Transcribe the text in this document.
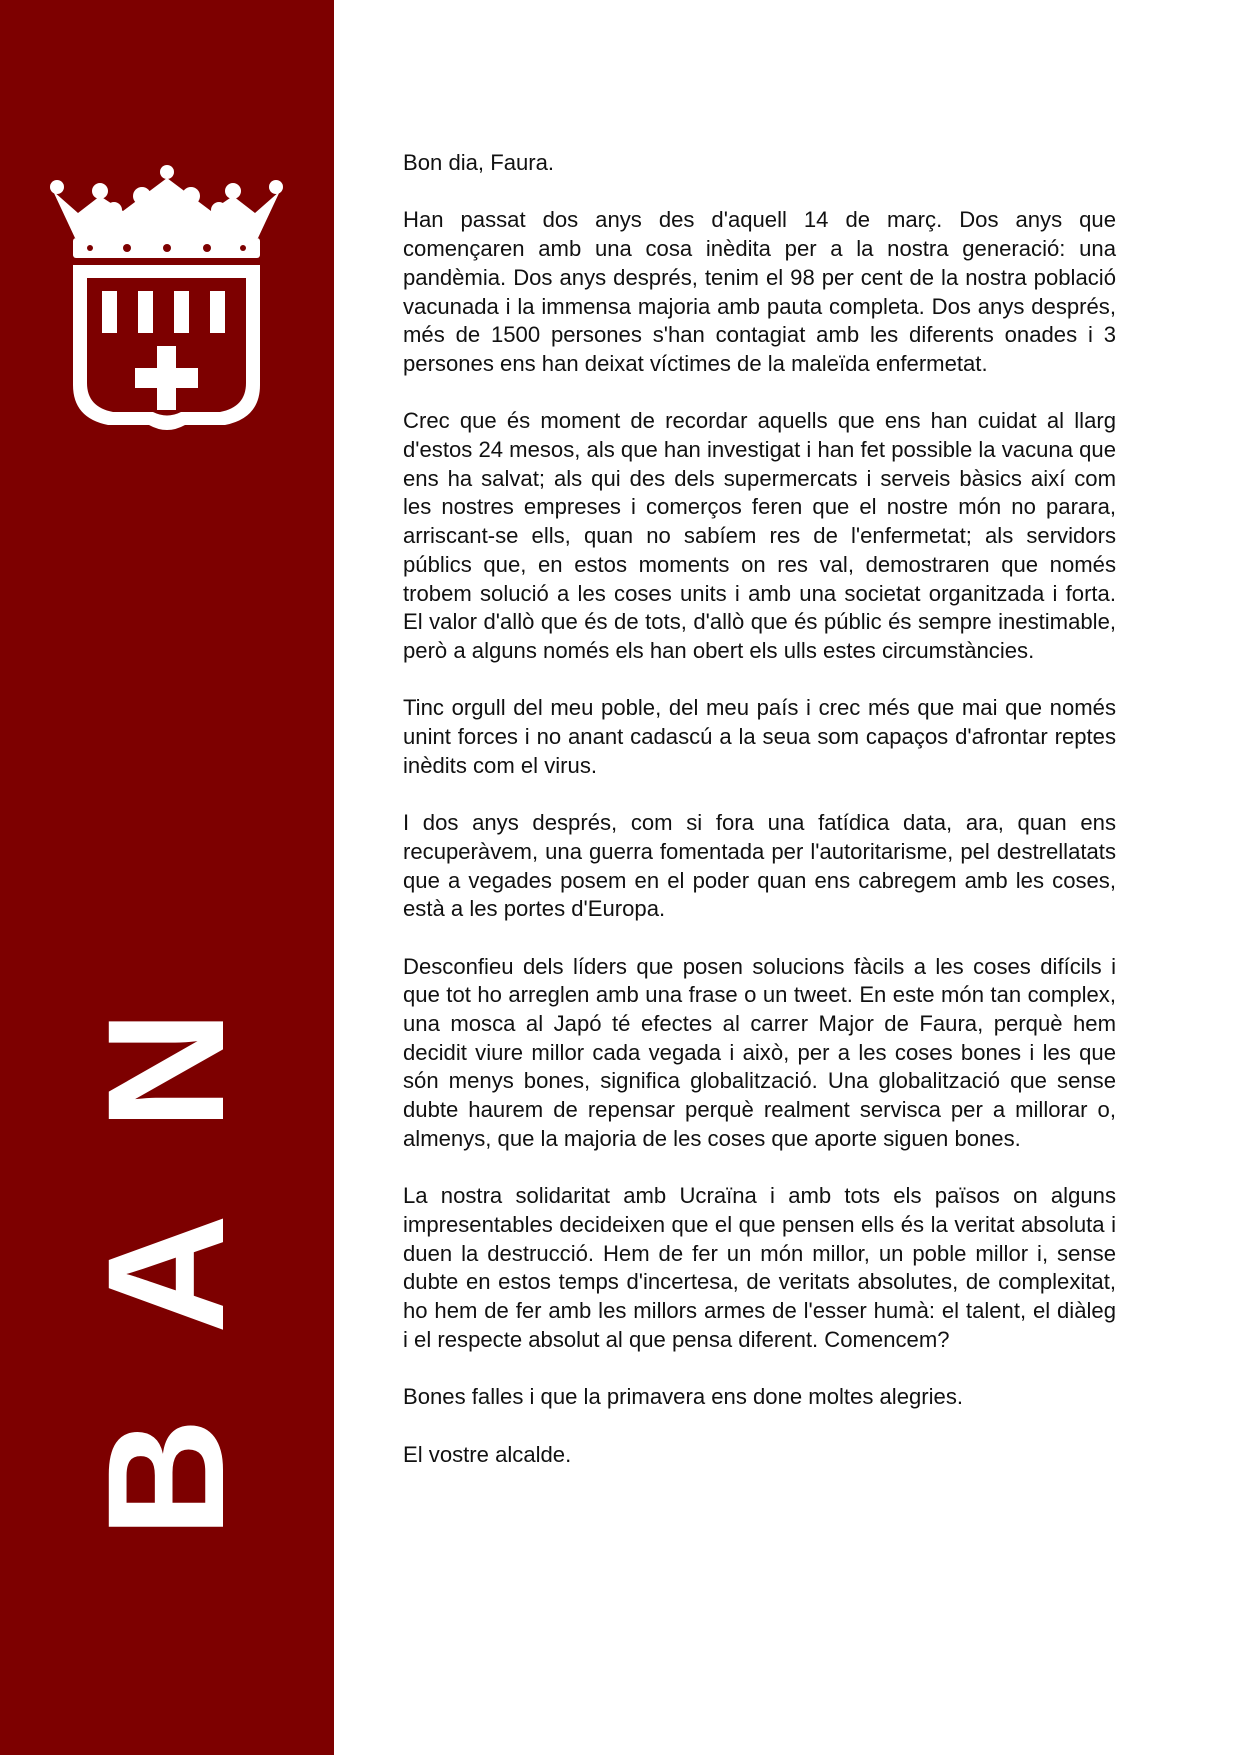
BAN

Bon dia, Faura.

Han passat dos anys des d'aquell 14 de març. Dos anys que començaren amb una cosa inèdita per a la nostra generació: una pandèmia. Dos anys després, tenim el 98 per cent de la nostra població vacunada i la immensa majoria amb pauta completa. Dos anys després, més de 1500 persones s'han contagiat amb les diferents onades i 3 persones ens han deixat víctimes de la maleïda enfermetat.

Crec que és moment de recordar aquells que ens han cuidat al llarg d'estos 24 mesos, als que han investigat i han fet possible la vacuna que ens ha salvat; als qui des dels supermercats i serveis bàsics així com les nostres empreses i comerços feren que el nostre món no parara, arriscant-se ells, quan no sabíem res de l'enfermetat; als servidors públics que, en estos moments on res val, demostraren que només trobem solució a les coses units i amb una societat organitzada i forta. El valor d'allò que és de tots, d'allò que és públic és sempre inestimable, però a alguns només els han obert els ulls estes circumstàncies.

Tinc orgull del meu poble, del meu país i crec més que mai que només unint forces i no anant cadascú a la seua som capaços d'afrontar reptes inèdits com el virus.

I dos anys després, com si fora una fatídica data, ara, quan ens recuperàvem, una guerra fomentada per l'autoritarisme, pel destrellatats que a vegades posem en el poder quan ens cabregem amb les coses, està a les portes d'Europa.

Desconfieu dels líders que posen solucions fàcils a les coses difícils i que tot ho arreglen amb una frase o un tweet. En este món tan complex, una mosca al Japó té efectes al carrer Major de Faura, perquè hem decidit viure millor cada vegada i això, per a les coses bones i les que són menys bones, significa globalització. Una globalització que sense dubte haurem de repensar perquè realment servisca per a millorar o, almenys, que la majoria de les coses que aporte siguen bones.

La nostra solidaritat amb Ucraïna i amb tots els països on alguns impresentables decideixen que el que pensen ells és la veritat absoluta i duen la destrucció. Hem de fer un món millor, un poble millor i, sense dubte en estos temps d'incertesa, de veritats absolutes, de complexitat, ho hem de fer amb les millors armes de l'esser humà: el talent, el diàleg i el respecte absolut al que pensa diferent. Comencem?

Bones falles i que la primavera ens done moltes alegries.

El vostre alcalde.
